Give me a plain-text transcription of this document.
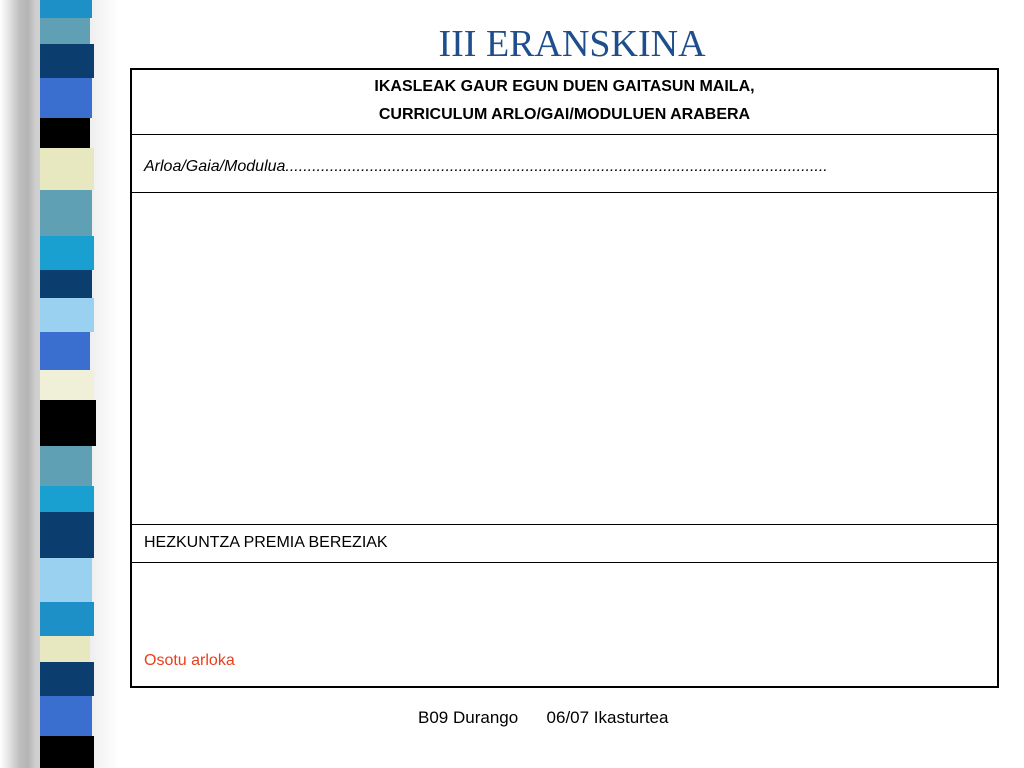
III ERANSKINA
IKASLEAK GAUR EGUN DUEN GAITASUN MAILA,
CURRICULUM ARLO/GAI/MODULUEN ARABERA
Arloa/Gaia/Modulua..........................................................................................................................
HEZKUNTZA PREMIA BEREZIAK
Osotu arloka
B09 Durango 06/07 Ikasturtea
